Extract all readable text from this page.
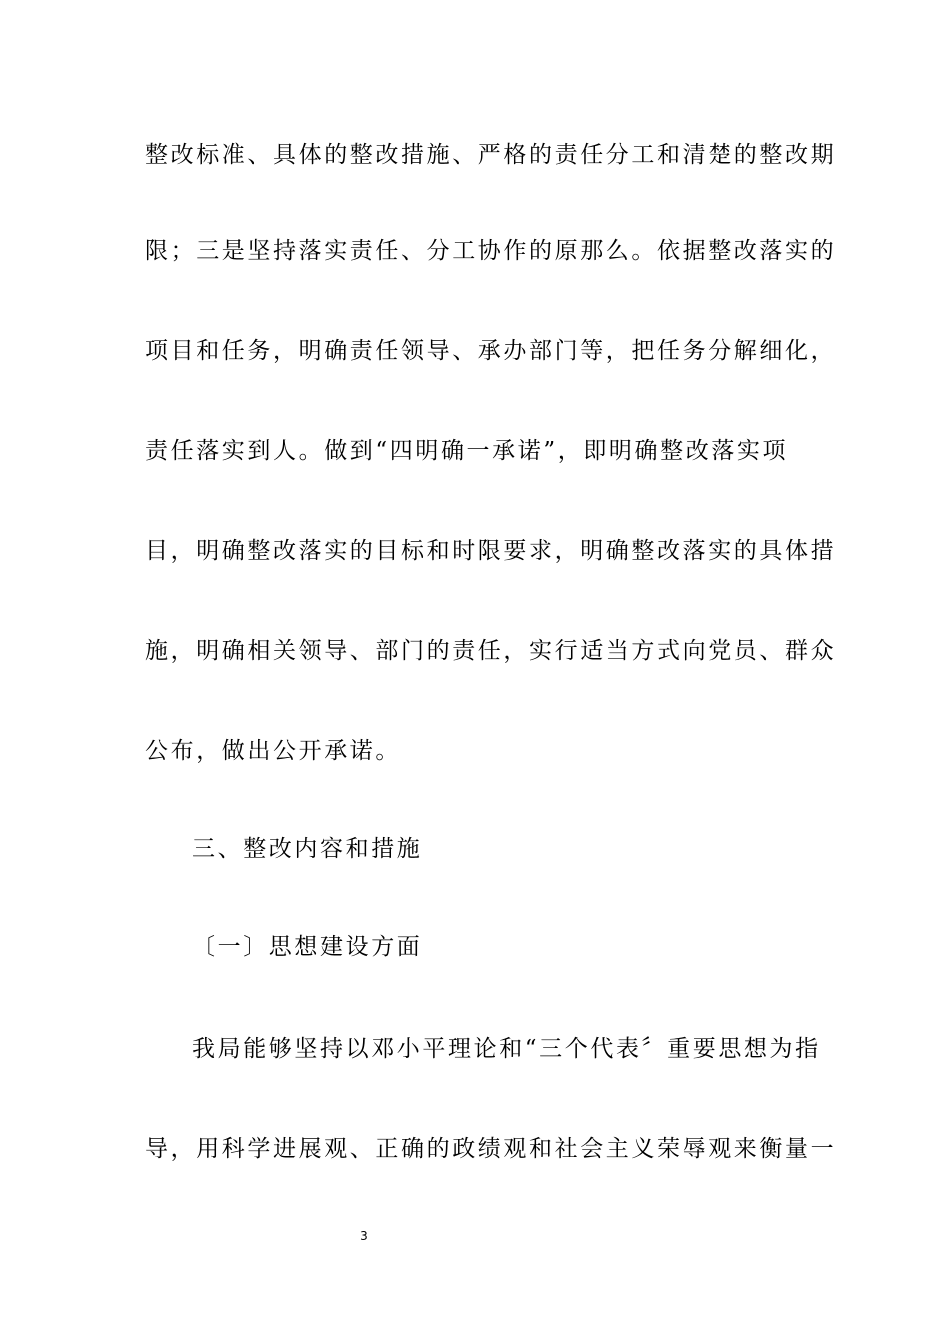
整改标准、具体的整改措施、严格的责任分工和清楚的整改期
限；三是坚持落实责任、分工协作的原那么。依据整改落实的
项目和任务，明确责任领导、承办部门等，把任务分解细化，
责任落实到人。做到“四明确一承诺”，即明确整改落实项
目，明确整改落实的目标和时限要求，明确整改落实的具体措
施，明确相关领导、部门的责任，实行适当方式向党员、群众
公布，做出公开承诺。
三、整改内容和措施
〔一〕思想建设方面
我局能够坚持以邓小平理论和“三个代表〞重要思想为指
导，用科学进展观、正确的政绩观和社会主义荣辱观来衡量一
3
